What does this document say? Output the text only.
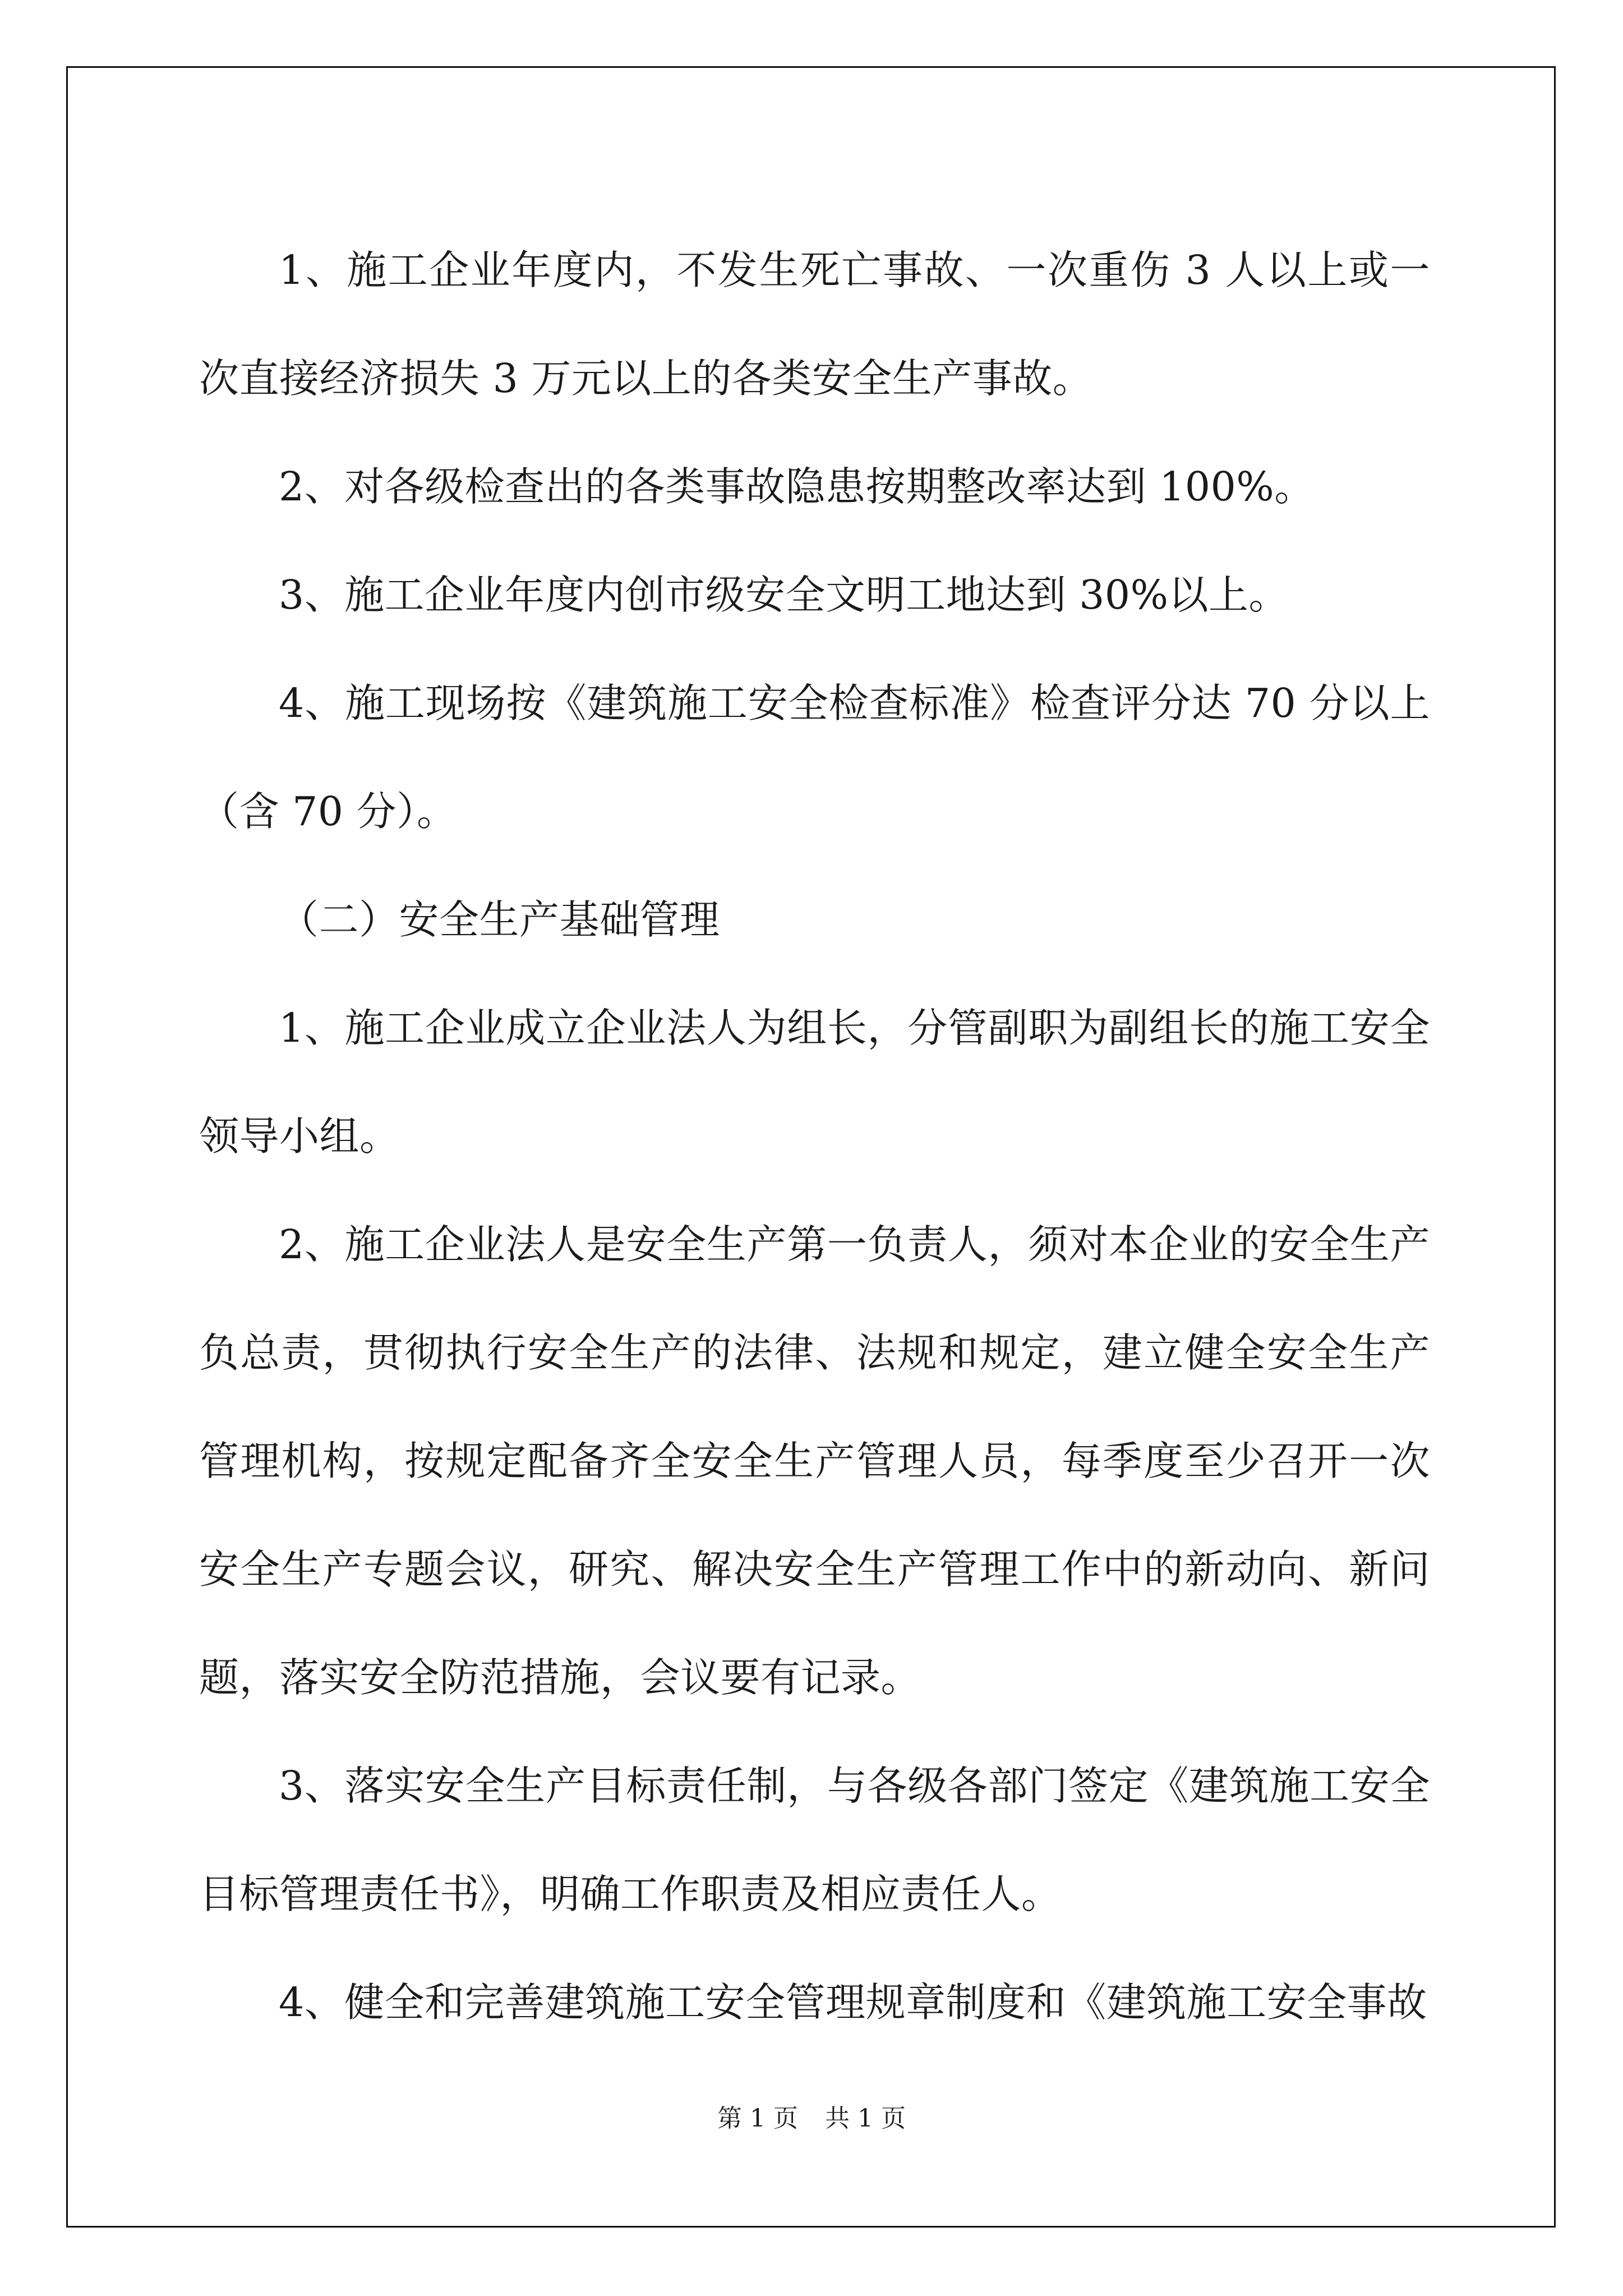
1、施工企业年度内，不发生死亡事故、一次重伤 3 人以上或一次直接经济损失 3 万元以上的各类安全生产事故。

2、对各级检查出的各类事故隐患按期整改率达到 100%。

3、施工企业年度内创市级安全文明工地达到 30%以上。

4、施工现场按《建筑施工安全检查标准》检查评分达 70 分以上（含 70 分）。

（二）安全生产基础管理

1、施工企业成立企业法人为组长，分管副职为副组长的施工安全领导小组。

2、施工企业法人是安全生产第一负责人，须对本企业的安全生产负总责，贯彻执行安全生产的法律、法规和规定，建立健全安全生产管理机构，按规定配备齐全安全生产管理人员，每季度至少召开一次安全生产专题会议，研究、解决安全生产管理工作中的新动向、新问题，落实安全防范措施，会议要有记录。

3、落实安全生产目标责任制，与各级各部门签定《建筑施工安全目标管理责任书》，明确工作职责及相应责任人。

4、健全和完善建筑施工安全管理规章制度和《建筑施工安全事故

第 1 页 共 1 页
